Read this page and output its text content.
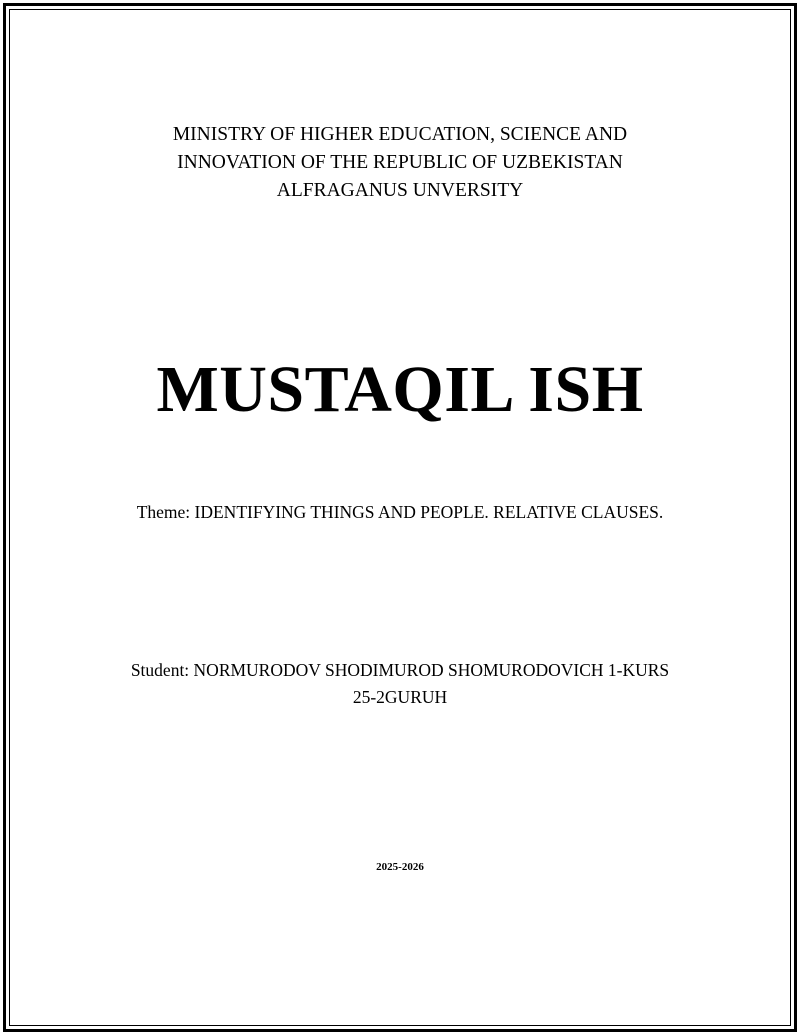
MINISTRY OF HIGHER EDUCATION, SCIENCE AND
INNOVATION OF THE REPUBLIC OF UZBEKISTAN
ALFRAGANUS UNVERSITY
MUSTAQIL ISH
Theme: IDENTIFYING THINGS AND PEOPLE. RELATIVE CLAUSES.
Student: NORMURODOV SHODIMUROD SHOMURODOVICH 1-KURS
25-2GURUH
2025-2026
